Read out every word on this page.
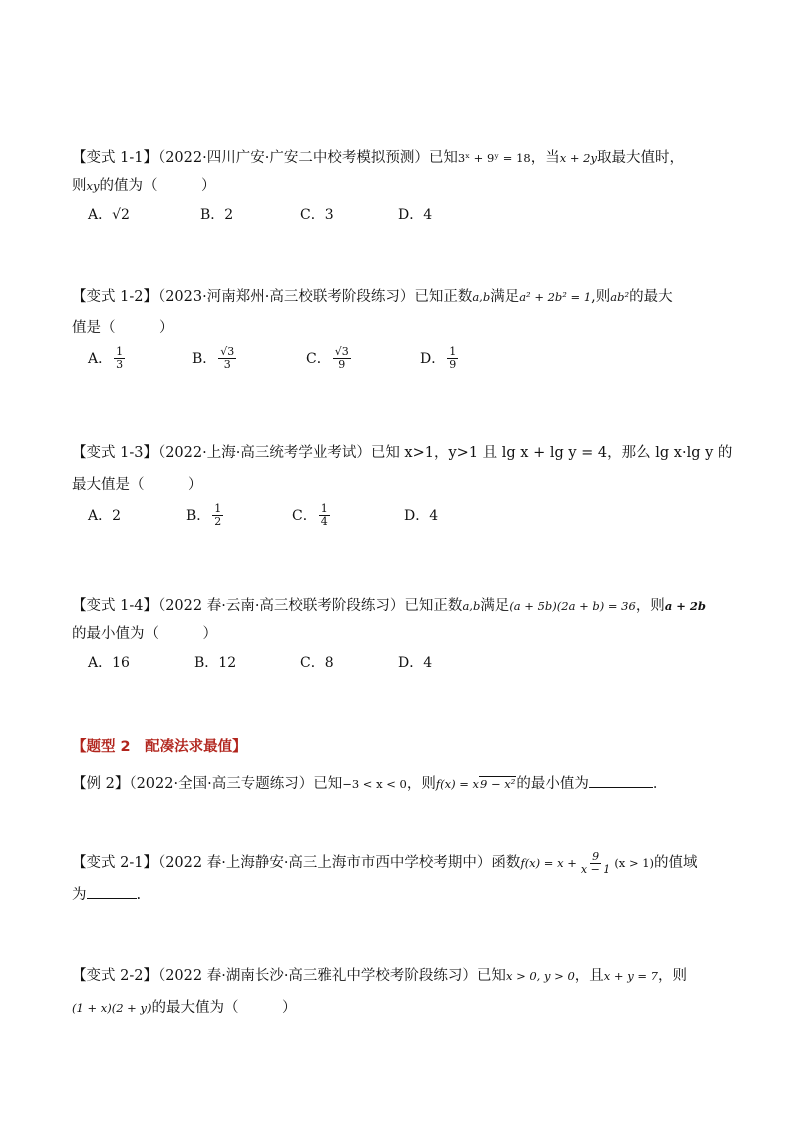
【变式 1-1】（2022·四川广安·广安二中校考模拟预测）已知3ˣ + 9ʸ = 18，当x + 2y取最大值时，
则xy的值为（　　　）
A． √2	B．2	C．3	D．4
【变式 1-2】（2023·河南郑州·高三校联考阶段练习）已知正数a,b满足a² + 2b² = 1,则ab²的最大
值是（　　　）
A． $\frac{1}{3}$	B． $\frac{√3}{3}$	C． $\frac{√3}{9}$	D． $\frac{1}{9}$
【变式 1-3】（2022·上海·高三统考学业考试）已知 x>1，y>1 且 lg x + lg y = 4，那么 lg x·lg y 的
最大值是（　　　）
A．2	B． $\frac{1}{2}$	C． $\frac{1}{4}$	D．4
【变式 1-4】（2022 春·云南·高三校联考阶段练习）已知正数a,b满足(a + 5b)(2a + b) = 36，则a + 2b
的最小值为（　　　）
A．16	B．12	C．8	D．4
【题型 2　配凑法求最值】
【例 2】（2022·全国·高三专题练习）已知−3 < x < 0，则f(x) = x9 − x²的最小值为	．
【变式 2-1】（2022 春·上海静安·高三上海市市西中学校考期中）函数 $f(x) = x + \frac{9}{x - 1} (x > 1)$ 的值域
为	.
【变式 2-2】（2022 春·湖南长沙·高三雅礼中学校考阶段练习）已知x > 0, y > 0，且x + y = 7，则
(1 + x)(2 + y)的最大值为（　　　）
